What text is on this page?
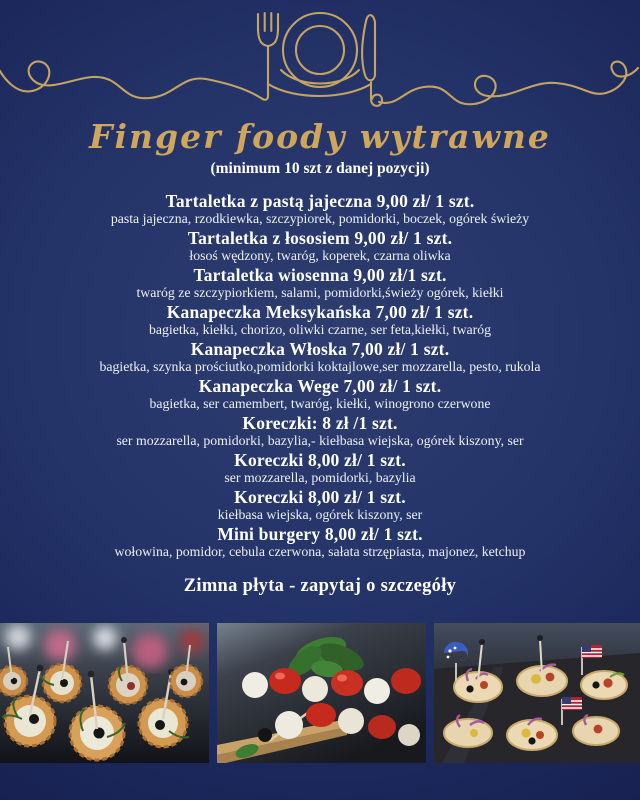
Finger foody wytrawne
(minimum 10 szt z danej pozycji)
Tartaletka z pastą jajeczna 9,00 zł/ 1 szt.
pasta jajeczna, rzodkiewka, szczypiorek, pomidorki, boczek, ogórek świeży
Tartaletka z łososiem 9,00 zł/ 1 szt.
łosoś wędzony, twaróg, koperek, czarna oliwka
Tartaletka wiosenna 9,00 zł/1 szt.
twaróg ze szczypiorkiem, salami, pomidorki,świeży ogórek, kiełki
Kanapeczka Meksykańska 7,00 zł/ 1 szt.
bagietka, kiełki, chorizo, oliwki czarne, ser feta,kiełki, twaróg
Kanapeczka Włoska 7,00 zł/ 1 szt.
bagietka, szynka prościutko,pomidorki koktajlowe,ser mozzarella, pesto, rukola
Kanapeczka Wege 7,00 zł/ 1 szt.
bagietka, ser camembert, twaróg, kiełki, winogrono czerwone
Koreczki: 8 zł /1 szt.
ser mozzarella, pomidorki, bazylia,- kiełbasa wiejska, ogórek kiszony, ser
Koreczki 8,00 zł/ 1 szt.
ser mozzarella, pomidorki, bazylia
Koreczki 8,00 zł/ 1 szt.
kiełbasa wiejska, ogórek kiszony, ser
Mini burgery 8,00 zł/ 1 szt.
wołowina, pomidor, cebula czerwona, sałata strzępiasta, majonez, ketchup
Zimna płyta - zapytaj o szczegóły
